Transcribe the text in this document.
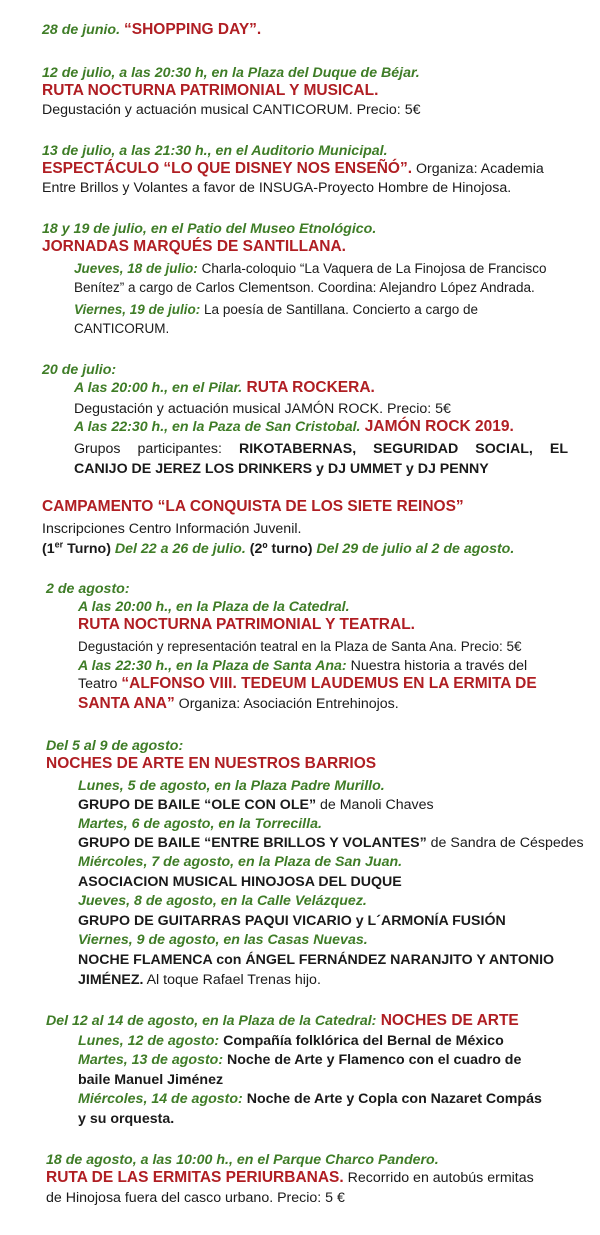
28 de junio. “SHOPPING DAY”.
12 de julio, a las 20:30 h, en la Plaza del Duque de Béjar.
RUTA NOCTURNA PATRIMONIAL Y MUSICAL.
Degustación y actuación musical CANTICORUM. Precio: 5€
13 de julio, a las 21:30 h., en el Auditorio Municipal.
ESPECTÁCULO “LO QUE DISNEY NOS ENSEÑÓ”. Organiza: Academia
Entre Brillos y Volantes a favor de INSUGA-Proyecto Hombre de Hinojosa.
18 y 19 de julio, en el Patio del Museo Etnológico.
JORNADAS MARQUÉS DE SANTILLANA.
Jueves, 18 de julio: Charla-coloquio “La Vaquera de La Finojosa de Francisco
Benítez” a cargo de Carlos Clementson. Coordina: Alejandro López Andrada.
Viernes, 19 de julio: La poesía de Santillana. Concierto a cargo de
CANTICORUM.
20 de julio:
A las 20:00 h., en el Pilar. RUTA ROCKERA.
Degustación y actuación musical JAMÓN ROCK. Precio: 5€
A las 22:30 h., en la Paza de San Cristobal. JAMÓN ROCK 2019.
Grupos participantes: RIKOTABERNAS, SEGURIDAD SOCIAL, EL
CANIJO DE JEREZ LOS DRINKERS y DJ UMMET y DJ PENNY
CAMPAMENTO “LA CONQUISTA DE LOS SIETE REINOS”
Inscripciones Centro Información Juvenil.
(1er Turno) Del 22 a 26 de julio. (2º turno) Del 29 de julio al 2 de agosto.
2 de agosto:
A las 20:00 h., en la Plaza de la Catedral.
RUTA NOCTURNA PATRIMONIAL Y TEATRAL.
Degustación y representación teatral en la Plaza de Santa Ana. Precio: 5€
A las 22:30 h., en la Plaza de Santa Ana: Nuestra historia a través del
Teatro “ALFONSO VIII. TEDEUM LAUDEMUS EN LA ERMITA DE
SANTA ANA” Organiza: Asociación Entrehinojos.
Del 5 al 9 de agosto:
NOCHES DE ARTE EN NUESTROS BARRIOS
Lunes, 5 de agosto, en la Plaza Padre Murillo.
GRUPO DE BAILE “OLE CON OLE” de Manoli Chaves
Martes, 6 de agosto, en la Torrecilla.
GRUPO DE BAILE “ENTRE BRILLOS Y VOLANTES” de Sandra de Céspedes
Miércoles, 7 de agosto, en la Plaza de San Juan.
ASOCIACION MUSICAL HINOJOSA DEL DUQUE
Jueves, 8 de agosto, en la Calle Velázquez.
GRUPO DE GUITARRAS PAQUI VICARIO y L´ARMONÍA FUSIÓN
Viernes, 9 de agosto, en las Casas Nuevas.
NOCHE FLAMENCA con ÁNGEL FERNÁNDEZ NARANJITO Y ANTONIO
JIMÉNEZ. Al toque Rafael Trenas hijo.
Del 12 al 14 de agosto, en la Plaza de la Catedral: NOCHES DE ARTE
Lunes, 12 de agosto: Compañía folklórica del Bernal de México
Martes, 13 de agosto: Noche de Arte y Flamenco con el cuadro de
baile Manuel Jiménez
Miércoles, 14 de agosto: Noche de Arte y Copla con Nazaret Compás
y su orquesta.
18 de agosto, a las 10:00 h., en el Parque Charco Pandero.
RUTA DE LAS ERMITAS PERIURBANAS. Recorrido en autobús ermitas
de Hinojosa fuera del casco urbano. Precio: 5 €
